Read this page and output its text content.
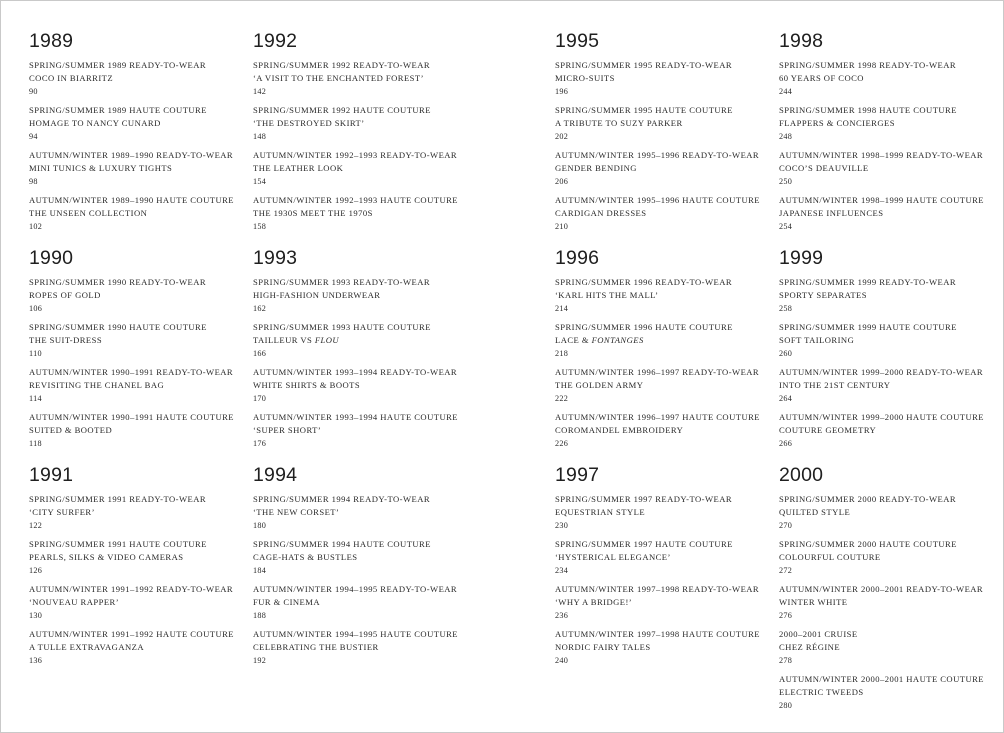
1989
SPRING/SUMMER 1989 READY-TO-WEAR
COCO IN BIARRITZ
90
SPRING/SUMMER 1989 HAUTE COUTURE
HOMAGE TO NANCY CUNARD
94
AUTUMN/WINTER 1989–1990 READY-TO-WEAR
MINI TUNICS & LUXURY TIGHTS
98
AUTUMN/WINTER 1989–1990 HAUTE COUTURE
THE UNSEEN COLLECTION
102
1990
SPRING/SUMMER 1990 READY-TO-WEAR
ROPES OF GOLD
106
SPRING/SUMMER 1990 HAUTE COUTURE
THE SUIT-DRESS
110
AUTUMN/WINTER 1990–1991 READY-TO-WEAR
REVISITING THE CHANEL BAG
114
AUTUMN/WINTER 1990–1991 HAUTE COUTURE
SUITED & BOOTED
118
1991
SPRING/SUMMER 1991 READY-TO-WEAR
‘CITY SURFER’
122
SPRING/SUMMER 1991 HAUTE COUTURE
PEARLS, SILKS & VIDEO CAMERAS
126
AUTUMN/WINTER 1991–1992 READY-TO-WEAR
‘NOUVEAU RAPPER’
130
AUTUMN/WINTER 1991–1992 HAUTE COUTURE
A TULLE EXTRAVAGANZA
136
1992
SPRING/SUMMER 1992 READY-TO-WEAR
‘A VISIT TO THE ENCHANTED FOREST’
142
SPRING/SUMMER 1992 HAUTE COUTURE
‘THE DESTROYED SKIRT’
148
AUTUMN/WINTER 1992–1993 READY-TO-WEAR
THE LEATHER LOOK
154
AUTUMN/WINTER 1992–1993 HAUTE COUTURE
THE 1930S MEET THE 1970S
158
1993
SPRING/SUMMER 1993 READY-TO-WEAR
HIGH-FASHION UNDERWEAR
162
SPRING/SUMMER 1993 HAUTE COUTURE
TAILLEUR VS FLOU
166
AUTUMN/WINTER 1993–1994 READY-TO-WEAR
WHITE SHIRTS & BOOTS
170
AUTUMN/WINTER 1993–1994 HAUTE COUTURE
‘SUPER SHORT’
176
1994
SPRING/SUMMER 1994 READY-TO-WEAR
‘THE NEW CORSET’
180
SPRING/SUMMER 1994 HAUTE COUTURE
CAGE-HATS & BUSTLES
184
AUTUMN/WINTER 1994–1995 READY-TO-WEAR
FUR & CINEMA
188
AUTUMN/WINTER 1994–1995 HAUTE COUTURE
CELEBRATING THE BUSTIER
192
1995
SPRING/SUMMER 1995 READY-TO-WEAR
MICRO-SUITS
196
SPRING/SUMMER 1995 HAUTE COUTURE
A TRIBUTE TO SUZY PARKER
202
AUTUMN/WINTER 1995–1996 READY-TO-WEAR
GENDER BENDING
206
AUTUMN/WINTER 1995–1996 HAUTE COUTURE
CARDIGAN DRESSES
210
1996
SPRING/SUMMER 1996 READY-TO-WEAR
‘KARL HITS THE MALL’
214
SPRING/SUMMER 1996 HAUTE COUTURE
LACE & FONTANGES
218
AUTUMN/WINTER 1996–1997 READY-TO-WEAR
THE GOLDEN ARMY
222
AUTUMN/WINTER 1996–1997 HAUTE COUTURE
COROMANDEL EMBROIDERY
226
1997
SPRING/SUMMER 1997 READY-TO-WEAR
EQUESTRIAN STYLE
230
SPRING/SUMMER 1997 HAUTE COUTURE
‘HYSTERICAL ELEGANCE’
234
AUTUMN/WINTER 1997–1998 READY-TO-WEAR
‘WHY A BRIDGE!’
236
AUTUMN/WINTER 1997–1998 HAUTE COUTURE
NORDIC FAIRY TALES
240
1998
SPRING/SUMMER 1998 READY-TO-WEAR
60 YEARS OF COCO
244
SPRING/SUMMER 1998 HAUTE COUTURE
FLAPPERS & CONCIERGES
248
AUTUMN/WINTER 1998–1999 READY-TO-WEAR
COCO’S DEAUVILLE
250
AUTUMN/WINTER 1998–1999 HAUTE COUTURE
JAPANESE INFLUENCES
254
1999
SPRING/SUMMER 1999 READY-TO-WEAR
SPORTY SEPARATES
258
SPRING/SUMMER 1999 HAUTE COUTURE
SOFT TAILORING
260
AUTUMN/WINTER 1999–2000 READY-TO-WEAR
INTO THE 21ST CENTURY
264
AUTUMN/WINTER 1999–2000 HAUTE COUTURE
COUTURE GEOMETRY
266
2000
SPRING/SUMMER 2000 READY-TO-WEAR
QUILTED STYLE
270
SPRING/SUMMER 2000 HAUTE COUTURE
COLOURFUL COUTURE
272
AUTUMN/WINTER 2000–2001 READY-TO-WEAR
WINTER WHITE
276
2000–2001 CRUISE
CHEZ RÉGINE
278
AUTUMN/WINTER 2000–2001 HAUTE COUTURE
ELECTRIC TWEEDS
280
